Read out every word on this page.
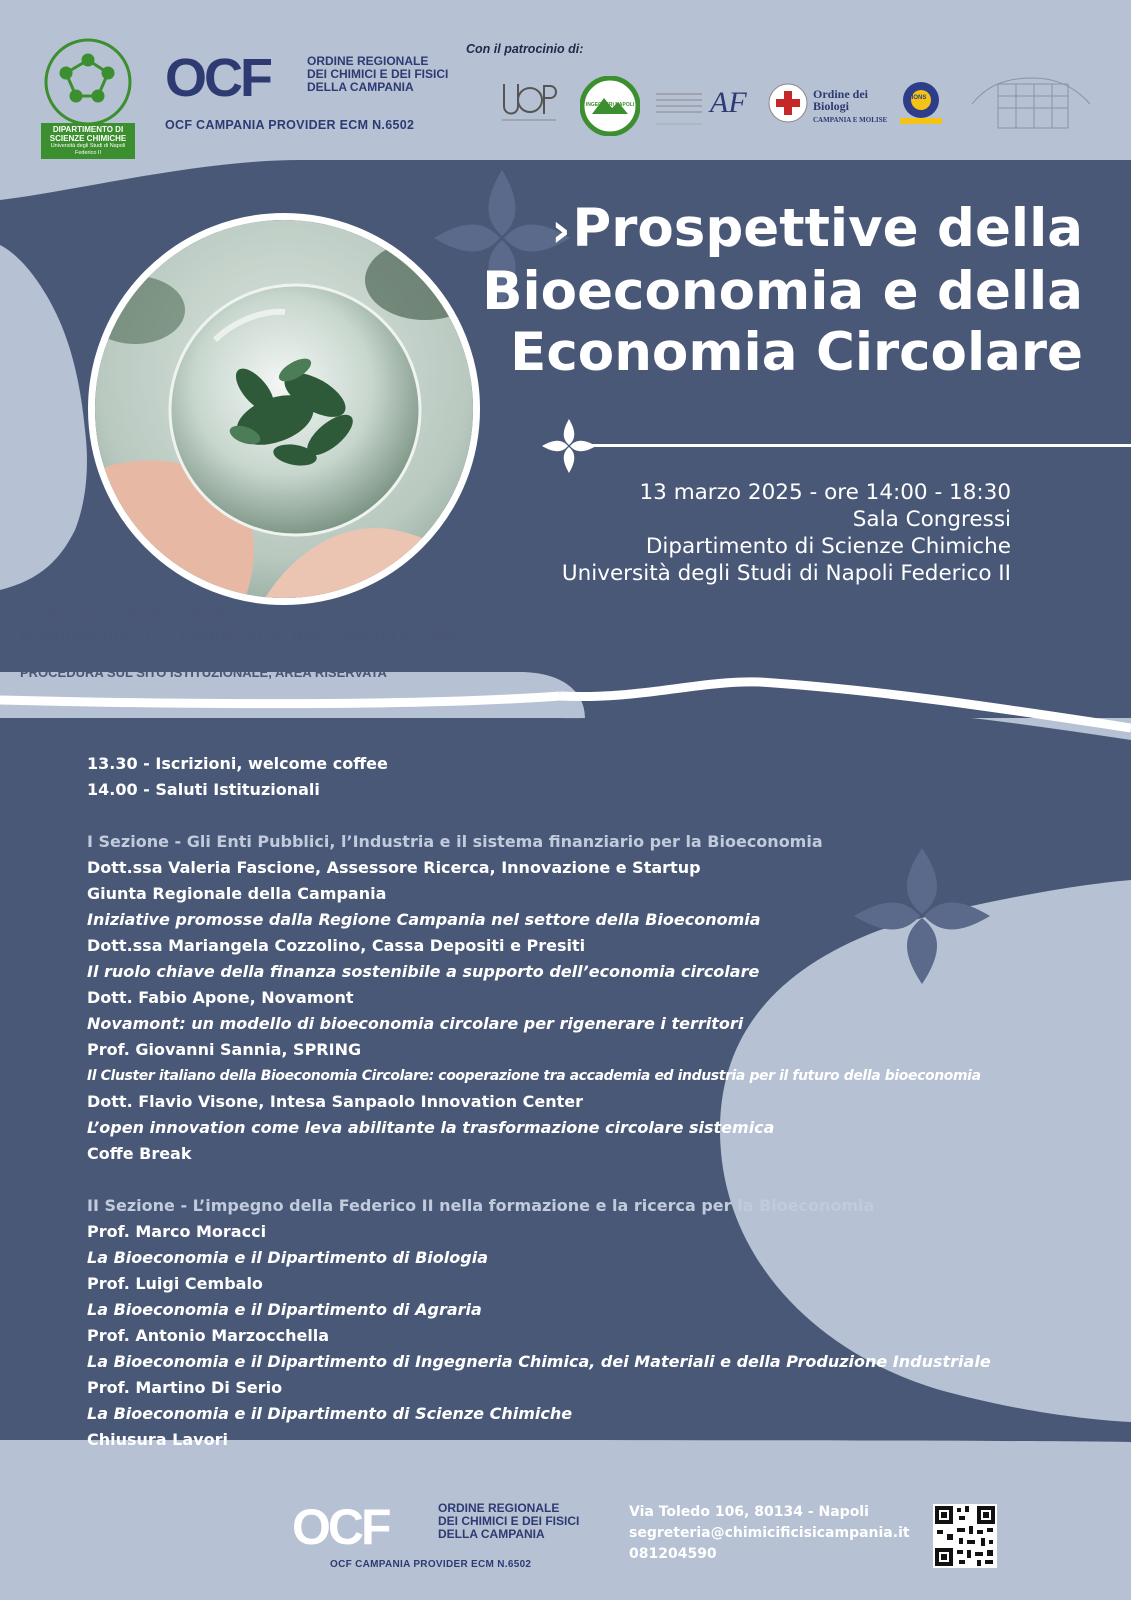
DIPARTIMENTO DI SCIENZE CHIMICHE
Università degli Studi di Napoli Federico II
OCF	ORDINE REGIONALE
DEI CHIMICI E DEI FISICI
DELLA CAMPANIA
OCF CAMPANIA PROVIDER ECM N.6502
Con il patrocinio di:
INGEGNERI NAPOLI	AF	Ordine dei Biologi
CAMPANIA E MOLISE
LIONS
›Prospettive della
Bioeconomia e della
Economia Circolare
13 marzo 2025 - ore 14:00 - 18:30
Sala Congressi
Dipartimento di Scienze Chimiche
Università degli Studi di Napoli Federico II
ID Evento 6502-444929
Riconosciuti n. 5 crediti ECM per Chimici e Fisici
FORMAZIONE GRATUITA ECM PER GLI ISCRITTI OCF CAMPANIA
PROCEDURA SUL SITO ISTITUZIONALE, AREA RISERVATA
13.30 - Iscrizioni, welcome coffee
14.00 - Saluti Istituzionali
I Sezione - Gli Enti Pubblici, l’Industria e il sistema finanziario per la Bioeconomia
Dott.ssa Valeria Fascione, Assessore Ricerca, Innovazione e Startup
Giunta Regionale della Campania
Iniziative promosse dalla Regione Campania nel settore della Bioeconomia
Dott.ssa Mariangela Cozzolino, Cassa Depositi e Presiti
Il ruolo chiave della finanza sostenibile a supporto dell’economia circolare
Dott. Fabio Apone, Novamont
Novamont: un modello di bioeconomia circolare per rigenerare i territori
Prof. Giovanni Sannia, SPRING
Il Cluster italiano della Bioeconomia Circolare: cooperazione tra accademia ed industria per il futuro della bioeconomia
Dott. Flavio Visone, Intesa Sanpaolo Innovation Center
L’open innovation come leva abilitante la trasformazione circolare sistemica
Coffe Break
II Sezione - L’impegno della Federico II nella formazione e la ricerca per la Bioeconomia
Prof. Marco Moracci
La Bioeconomia e il Dipartimento di Biologia
Prof. Luigi Cembalo
La Bioeconomia e il Dipartimento di Agraria
Prof. Antonio Marzocchella
La Bioeconomia e il Dipartimento di Ingegneria Chimica, dei Materiali e della Produzione Industriale
Prof. Martino Di Serio
La Bioeconomia e il Dipartimento di Scienze Chimiche
Chiusura Lavori
OCF	ORDINE REGIONALE
DEI CHIMICI E DEI FISICI
DELLA CAMPANIA
OCF CAMPANIA PROVIDER ECM N.6502
Via Toledo 106, 80134 - Napoli
segreteria@chimicificisicampania.it
081204590
